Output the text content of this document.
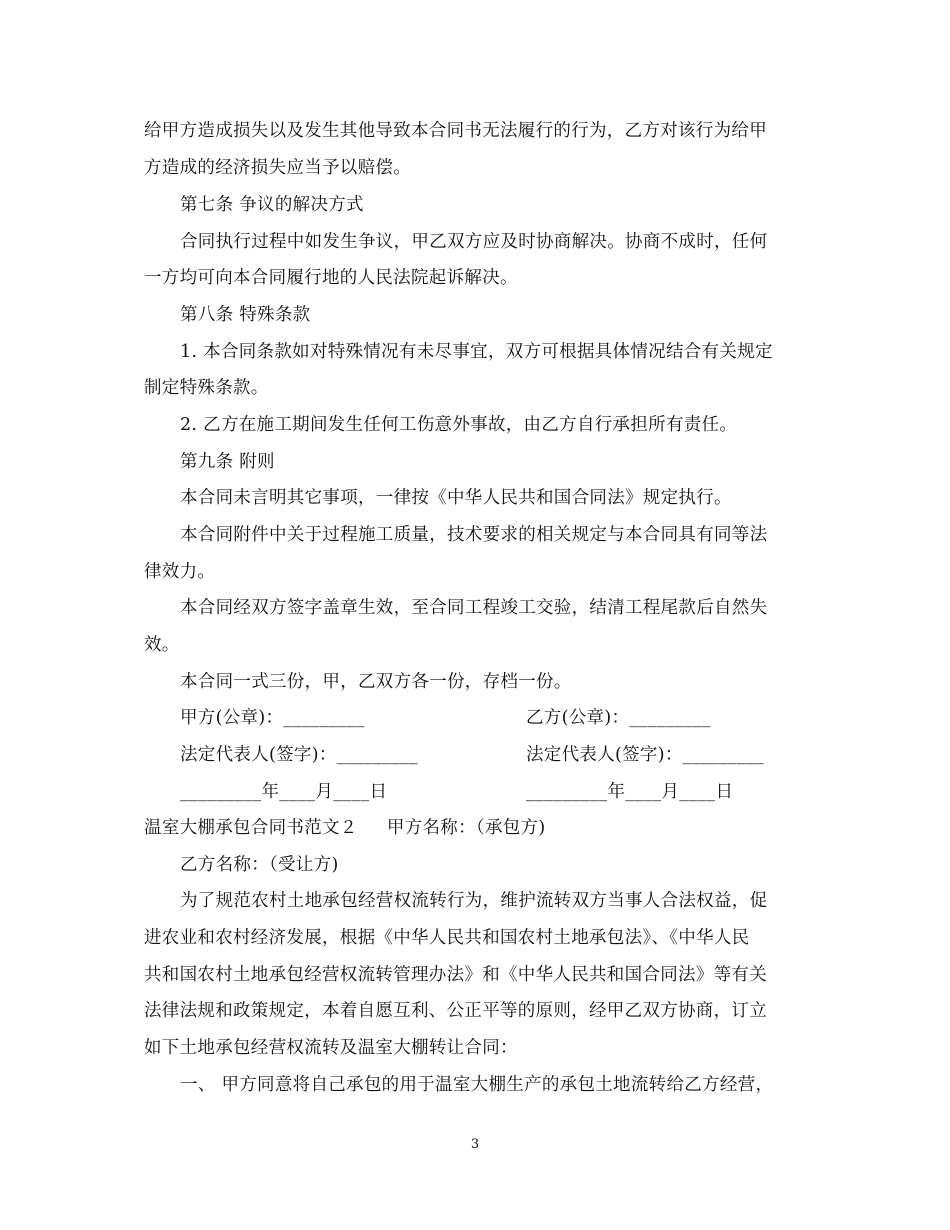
给甲方造成损失以及发生其他导致本合同书无法履行的行为，乙方对该行为给甲
方造成的经济损失应当予以赔偿。
第七条 争议的解决方式
合同执行过程中如发生争议，甲乙双方应及时协商解决。协商不成时，任何
一方均可向本合同履行地的人民法院起诉解决。
第八条 特殊条款
1. 本合同条款如对特殊情况有未尽事宜，双方可根据具体情况结合有关规定
制定特殊条款。
2. 乙方在施工期间发生任何工伤意外事故，由乙方自行承担所有责任。
第九条 附则
本合同未言明其它事项，一律按《中华人民共和国合同法》规定执行。
本合同附件中关于过程施工质量，技术要求的相关规定与本合同具有同等法
律效力。
本合同经双方签字盖章生效，至合同工程竣工交验，结清工程尾款后自然失
效。
本合同一式三份，甲，乙双方各一份，存档一份。
甲方(公章)：_________	乙方(公章)：_________
法定代表人(签字)：_________	法定代表人(签字)：_________
_________年____月____日	_________年____月____日
温室大棚承包合同书范文２     甲方名称：（承包方)
乙方名称：（受让方)
为了规范农村土地承包经营权流转行为，维护流转双方当事人合法权益，促
进农业和农村经济发展，根据《中华人民共和国农村土地承包法》、《中华人民
共和国农村土地承包经营权流转管理办法》和《中华人民共和国合同法》等有关
法律法规和政策规定，本着自愿互利、公正平等的原则，经甲乙双方协商，订立
如下土地承包经营权流转及温室大棚转让合同：
一、 甲方同意将自己承包的用于温室大棚生产的承包土地流转给乙方经营，
3
